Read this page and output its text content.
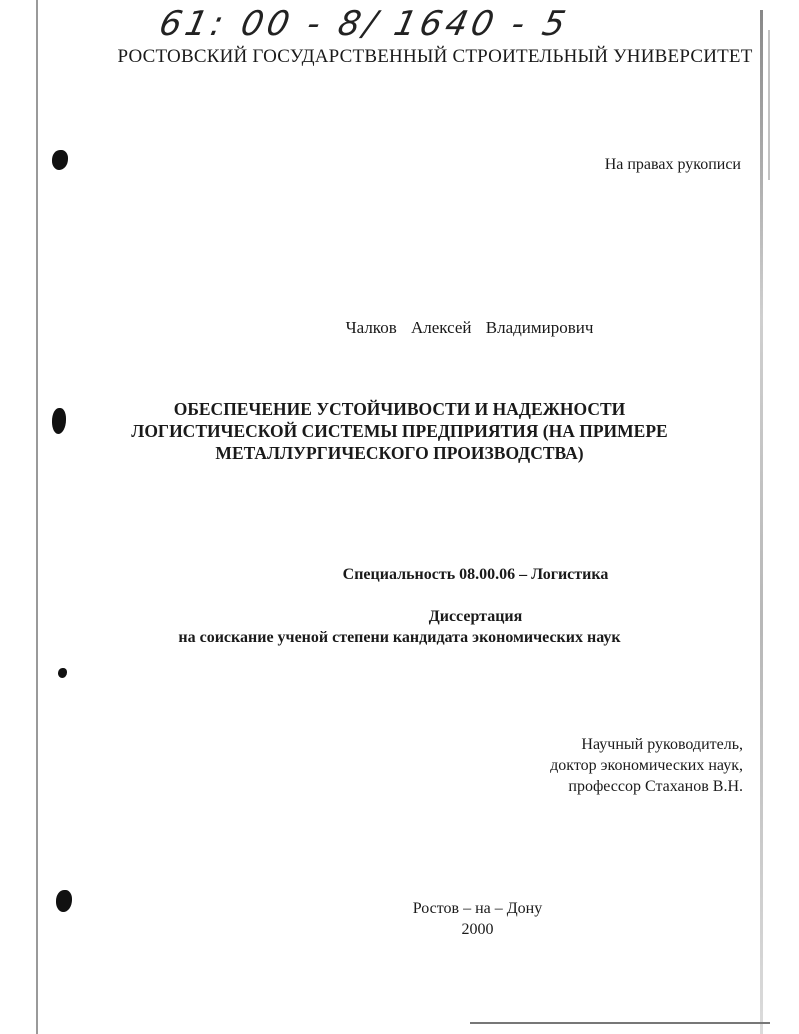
61: 00 - 8/ 1640 - 5
РОСТОВСКИЙ ГОСУДАРСТВЕННЫЙ СТРОИТЕЛЬНЫЙ УНИВЕРСИТЕТ
На правах рукописи
Чалков Алексей Владимирович
ОБЕСПЕЧЕНИЕ УСТОЙЧИВОСТИ И НАДЕЖНОСТИ
ЛОГИСТИЧЕСКОЙ СИСТЕМЫ ПРЕДПРИЯТИЯ (НА ПРИМЕРЕ
МЕТАЛЛУРГИЧЕСКОГО ПРОИЗВОДСТВА)
Специальность 08.00.06 – Логистика
Диссертация
на соискание ученой степени кандидата экономических наук
Научный руководитель,
доктор экономических наук,
профессор Стаханов В.Н.
Ростов – на – Дону
2000
